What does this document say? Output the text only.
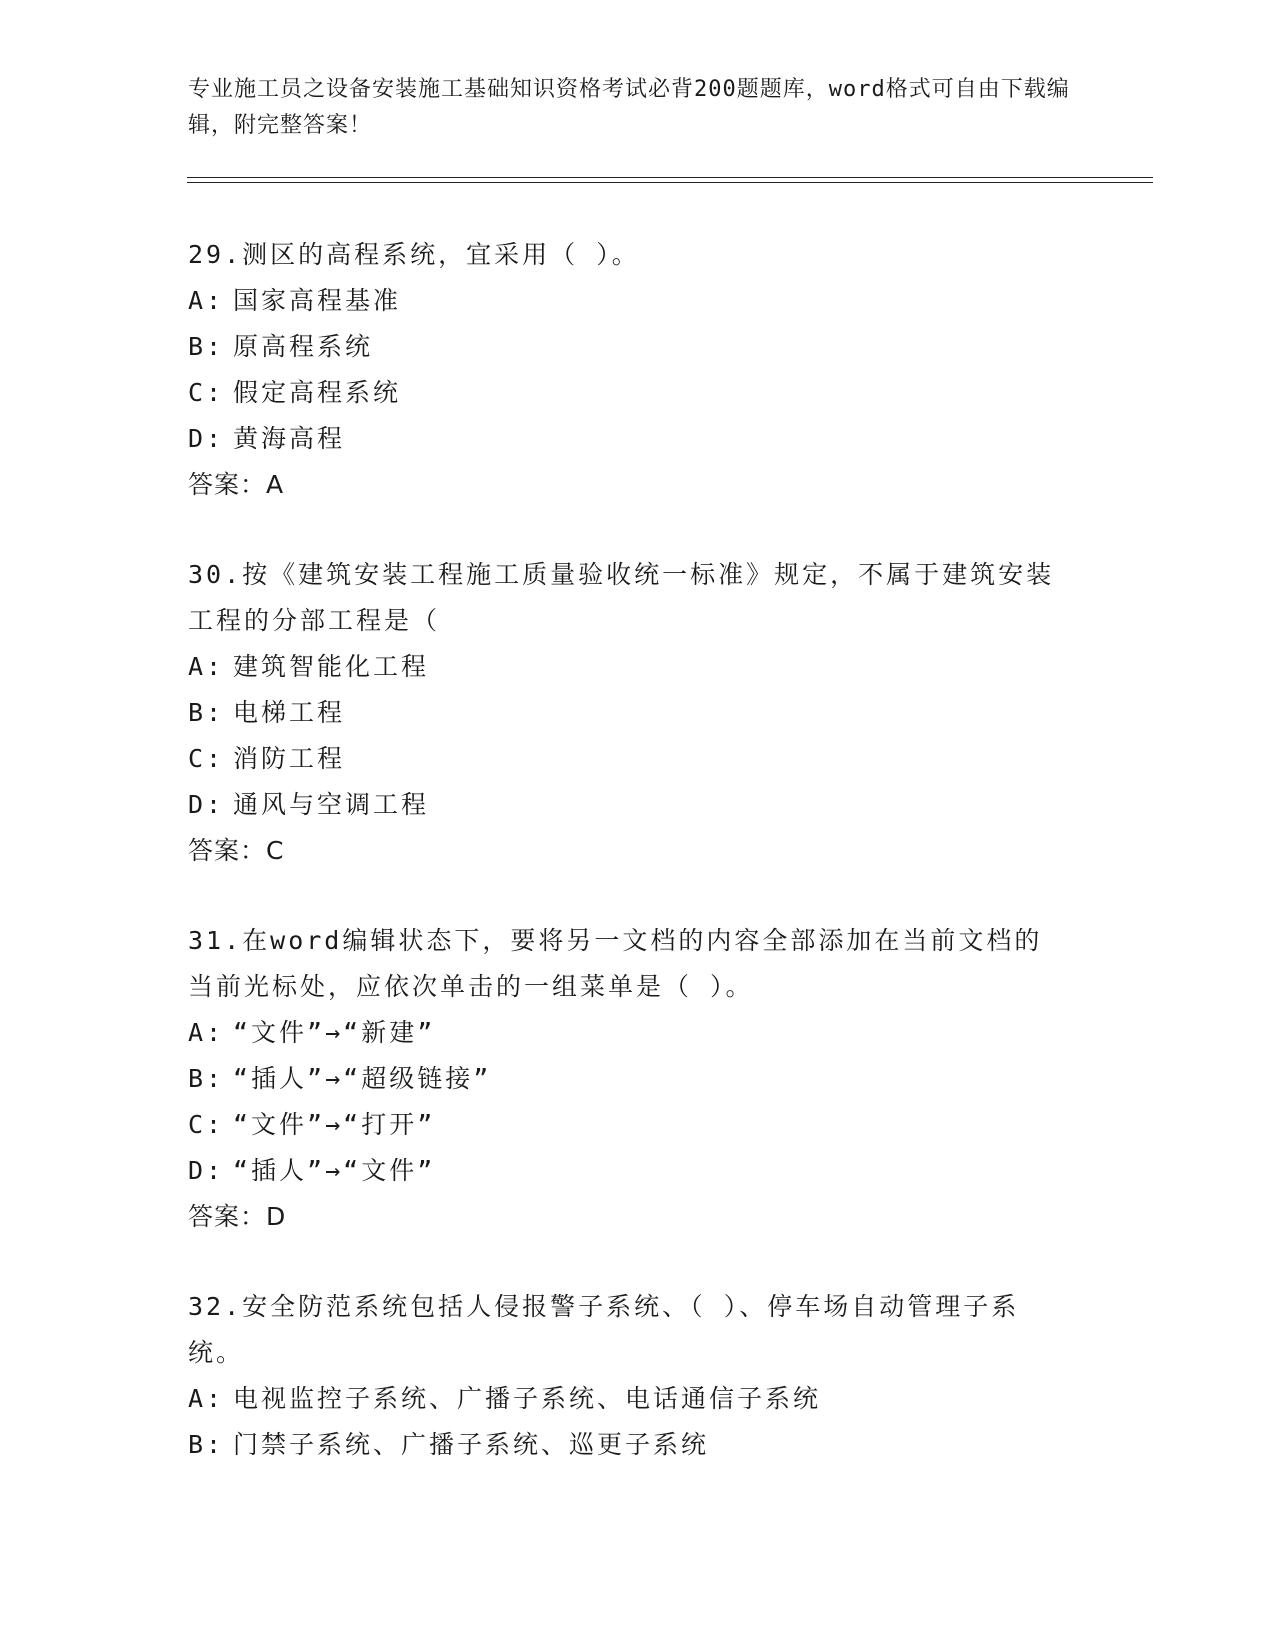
专业施工员之设备安装施工基础知识资格考试必背200题题库，word格式可自由下载编辑，附完整答案！
29.测区的高程系统，宜采用（ ）。
A: 国家高程基准
B: 原高程系统
C: 假定高程系统
D: 黄海高程
答案：A
30.按《建筑安装工程施工质量验收统一标准》规定，不属于建筑安装工程的分部工程是（
A: 建筑智能化工程
B: 电梯工程
C: 消防工程
D: 通风与空调工程
答案：C
31.在word编辑状态下，要将另一文档的内容全部添加在当前文档的当前光标处，应依次单击的一组菜单是（ ）。
A: “文件”→“新建”
B: “插人”→“超级链接”
C: “文件”→“打开”
D: “插人”→“文件”
答案：D
32.安全防范系统包括人侵报警子系统、（ ）、停车场自动管理子系统。
A: 电视监控子系统、广播子系统、电话通信子系统
B: 门禁子系统、广播子系统、巡更子系统
